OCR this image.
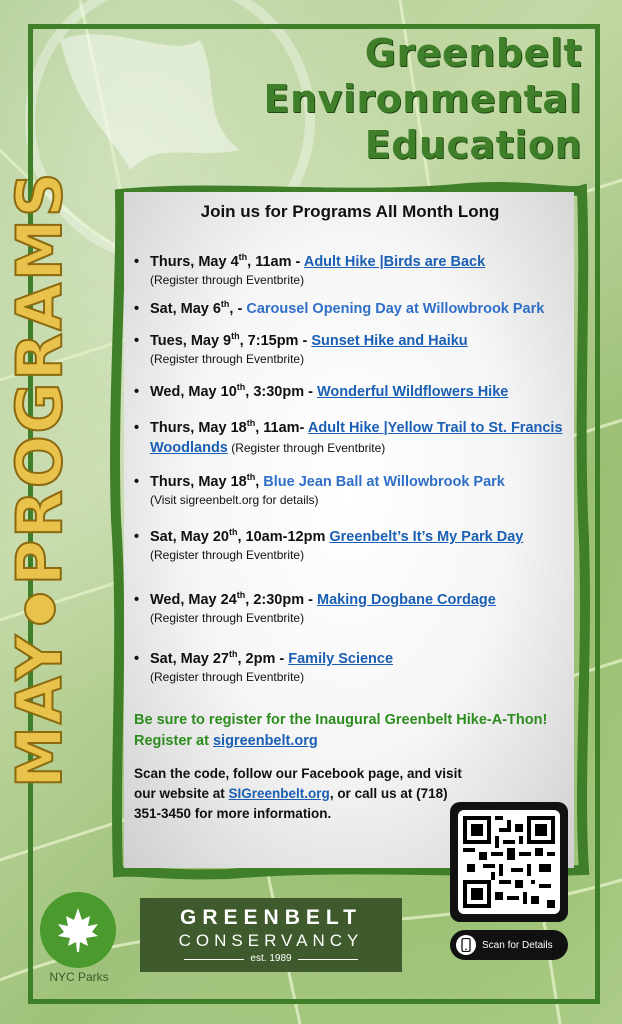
Greenbelt
Environmental
Education
MAYPROGRAMS	Join us for Programs All Month Long
• Thurs, May 4th, 11am - Adult Hike |Birds are Back
(Register through Eventbrite)
• Sat, May 6th, - Carousel Opening Day at Willowbrook Park
• Tues, May 9th, 7:15pm - Sunset Hike and Haiku
(Register through Eventbrite)
• Wed, May 10th, 3:30pm - Wonderful Wildflowers Hike
• Thurs, May 18th, 11am- Adult Hike |Yellow Trail to St. Francis Woodlands (Register through Eventbrite)
• Thurs, May 18th, Blue Jean Ball at Willowbrook Park
(Visit sigreenbelt.org for details)
• Sat, May 20th, 10am-12pm Greenbelt’s It’s My Park Day
(Register through Eventbrite)
• Wed, May 24th, 2:30pm - Making Dogbane Cordage
(Register through Eventbrite)
• Sat, May 27th, 2pm - Family Science
(Register through Eventbrite)
Be sure to register for the Inaugural Greenbelt Hike-A-Thon!
Register at sigreenbelt.org
Scan the code, follow our Facebook page, and visit our website at SIGreenbelt.org, or call us at (718) 351-3450 for more information.
Scan for Details
NYC Parks
GREENBELT
CONSERVANCY
est. 1989
